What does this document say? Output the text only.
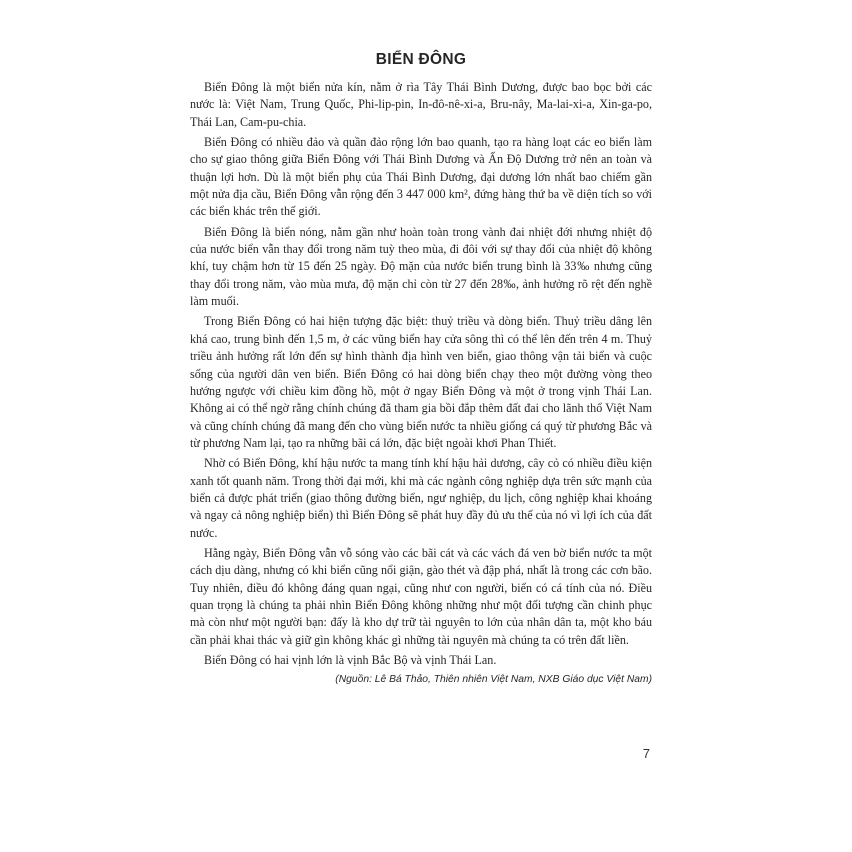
BIỂN ĐÔNG

Biển Đông là một biển nửa kín, nằm ở rìa Tây Thái Bình Dương, được bao bọc bởi các nước là: Việt Nam, Trung Quốc, Phi-lip-pin, In-đô-nê-xi-a, Bru-nây, Ma-lai-xi-a, Xin-ga-po, Thái Lan, Cam-pu-chia.

Biển Đông có nhiều đảo và quần đảo rộng lớn bao quanh, tạo ra hàng loạt các eo biển làm cho sự giao thông giữa Biển Đông với Thái Bình Dương và Ấn Độ Dương trở nên an toàn và thuận lợi hơn. Dù là một biển phụ của Thái Bình Dương, đại dương lớn nhất bao chiếm gần một nửa địa cầu, Biển Đông vẫn rộng đến 3 447 000 km², đứng hàng thứ ba về diện tích so với các biển khác trên thế giới.

Biển Đông là biển nóng, nằm gần như hoàn toàn trong vành đai nhiệt đới nhưng nhiệt độ của nước biển vẫn thay đổi trong năm tuỳ theo mùa, đi đôi với sự thay đổi của nhiệt độ không khí, tuy chậm hơn từ 15 đến 25 ngày. Độ mặn của nước biển trung bình là 33‰ nhưng cũng thay đổi trong năm, vào mùa mưa, độ mặn chỉ còn từ 27 đến 28‰, ảnh hưởng rõ rệt đến nghề làm muối.

Trong Biển Đông có hai hiện tượng đặc biệt: thuỷ triều và dòng biển. Thuỷ triều dâng lên khá cao, trung bình đến 1,5 m, ở các vũng biển hay cửa sông thì có thể lên đến trên 4 m. Thuỷ triều ảnh hưởng rất lớn đến sự hình thành địa hình ven biển, giao thông vận tải biển và cuộc sống của người dân ven biển. Biển Đông có hai dòng biển chạy theo một đường vòng theo hướng ngược với chiều kim đồng hồ, một ở ngay Biển Đông và một ở trong vịnh Thái Lan. Không ai có thể ngờ rằng chính chúng đã tham gia bồi đắp thêm đất đai cho lãnh thổ Việt Nam và cũng chính chúng đã mang đến cho vùng biển nước ta nhiều giống cá quý từ phương Bắc và từ phương Nam lại, tạo ra những bãi cá lớn, đặc biệt ngoài khơi Phan Thiết.

Nhờ có Biển Đông, khí hậu nước ta mang tính khí hậu hải dương, cây cỏ có nhiều điều kiện xanh tốt quanh năm. Trong thời đại mới, khi mà các ngành công nghiệp dựa trên sức mạnh của biển cả được phát triển (giao thông đường biển, ngư nghiệp, du lịch, công nghiệp khai khoáng và ngay cả nông nghiệp biển) thì Biển Đông sẽ phát huy đầy đủ ưu thế của nó vì lợi ích của đất nước.

Hằng ngày, Biển Đông vẫn vỗ sóng vào các bãi cát và các vách đá ven bờ biển nước ta một cách dịu dàng, nhưng có khi biển cũng nổi giận, gào thét và đập phá, nhất là trong các cơn bão. Tuy nhiên, điều đó không đáng quan ngại, cũng như con người, biển có cá tính của nó. Điều quan trọng là chúng ta phải nhìn Biển Đông không những như một đối tượng cần chinh phục mà còn như một người bạn: đấy là kho dự trữ tài nguyên to lớn của nhân dân ta, một kho báu cần phải khai thác và giữ gìn không khác gì những tài nguyên mà chúng ta có trên đất liền.

Biển Đông có hai vịnh lớn là vịnh Bắc Bộ và vịnh Thái Lan.

(Nguồn: Lê Bá Thảo, Thiên nhiên Việt Nam, NXB Giáo dục Việt Nam)
7
